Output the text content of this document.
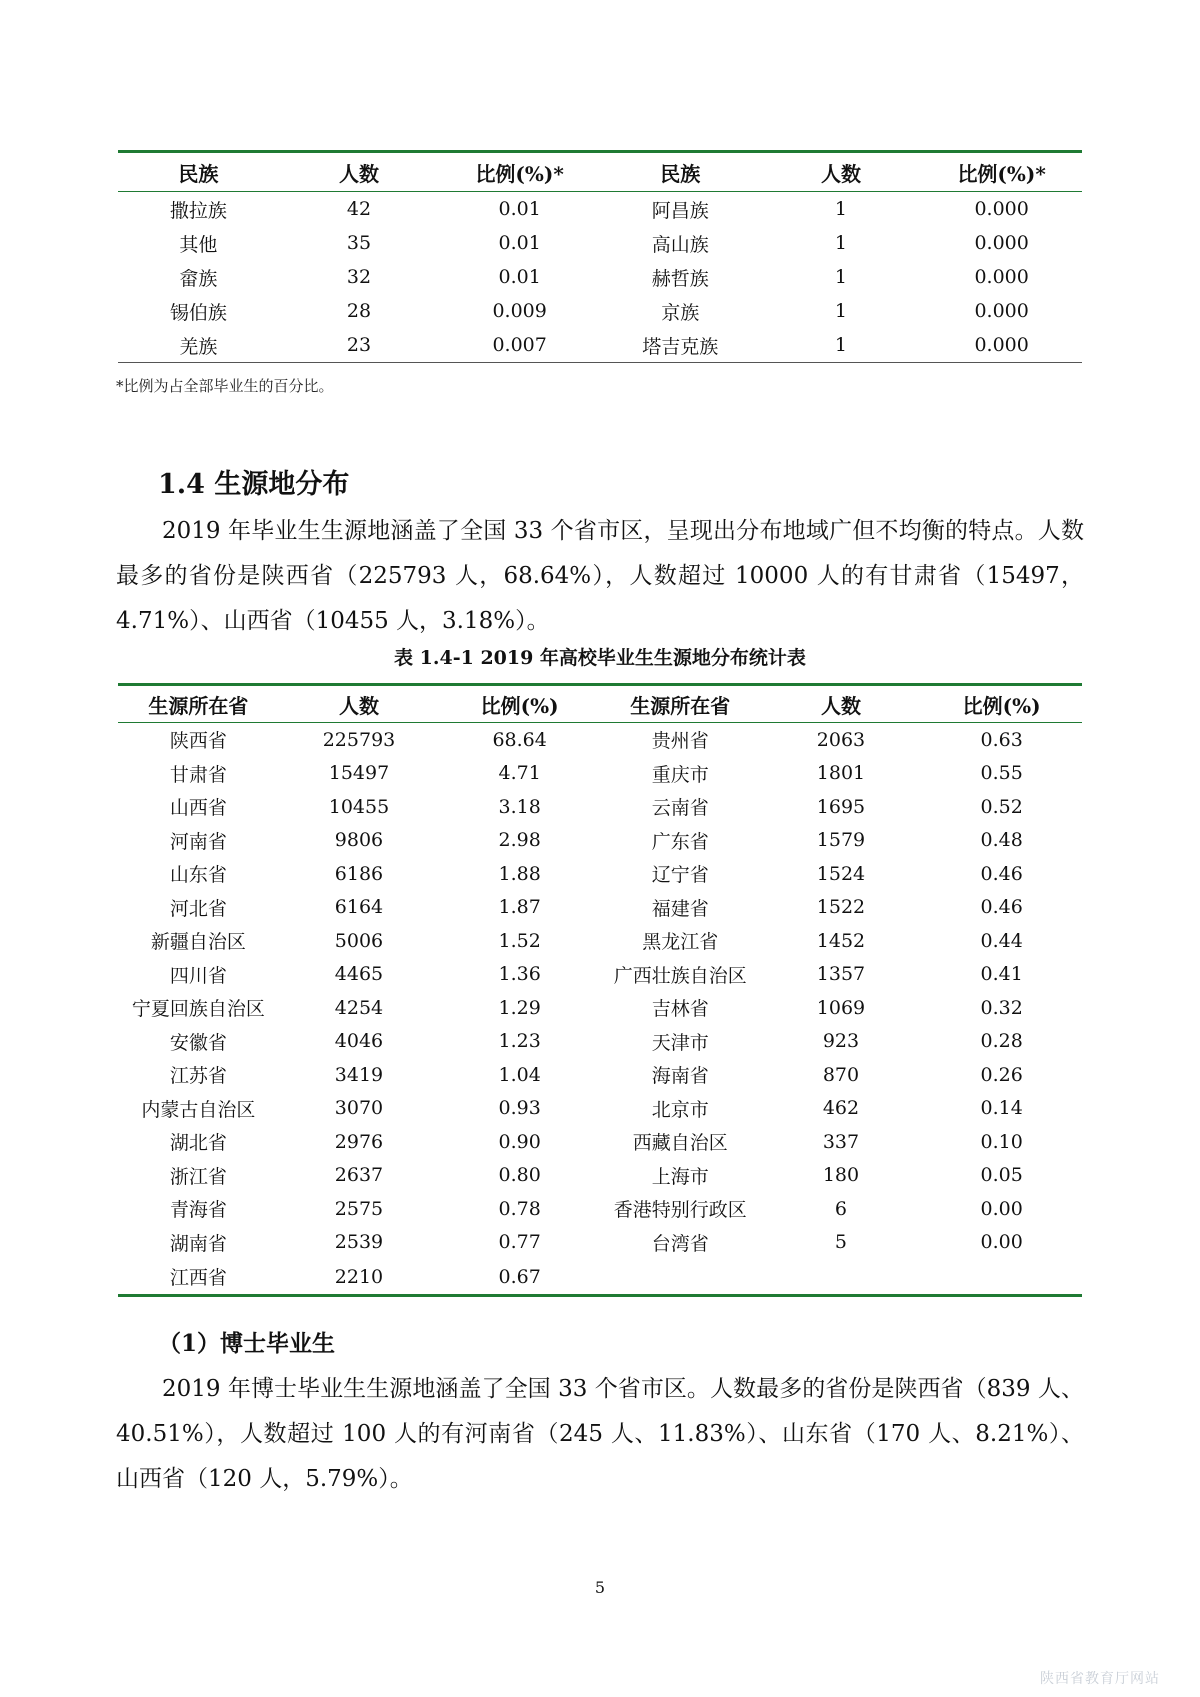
民族	人数	比例(%)*	民族	人数	比例(%)*
撒拉族	42	0.01	阿昌族	1	0.000
其他	35	0.01	高山族	1	0.000
畲族	32	0.01	赫哲族	1	0.000
锡伯族	28	0.009	京族	1	0.000
羌族	23	0.007	塔吉克族	1	0.000
*比例为占全部毕业生的百分比。
1.4 生源地分布
2019 年毕业生生源地涵盖了全国 33 个省市区，呈现出分布地域广但不均衡的特点。人数最多的省份是陕西省（225793 人，68.64%），人数超过 10000 人的有甘肃省（15497，4.71%）、山西省（10455 人，3.18%）。
表 1.4-1 2019 年高校毕业生生源地分布统计表
生源所在省	人数	比例(%)	生源所在省	人数	比例(%)
陕西省	225793	68.64	贵州省	2063	0.63
甘肃省	15497	4.71	重庆市	1801	0.55
山西省	10455	3.18	云南省	1695	0.52
河南省	9806	2.98	广东省	1579	0.48
山东省	6186	1.88	辽宁省	1524	0.46
河北省	6164	1.87	福建省	1522	0.46
新疆自治区	5006	1.52	黑龙江省	1452	0.44
四川省	4465	1.36	广西壮族自治区	1357	0.41
宁夏回族自治区	4254	1.29	吉林省	1069	0.32
安徽省	4046	1.23	天津市	923	0.28
江苏省	3419	1.04	海南省	870	0.26
内蒙古自治区	3070	0.93	北京市	462	0.14
湖北省	2976	0.90	西藏自治区	337	0.10
浙江省	2637	0.80	上海市	180	0.05
青海省	2575	0.78	香港特别行政区	6	0.00
湖南省	2539	0.77	台湾省	5	0.00
江西省	2210	0.67			
（1）博士毕业生
2019 年博士毕业生生源地涵盖了全国 33 个省市区。人数最多的省份是陕西省（839 人、40.51%），人数超过 100 人的有河南省（245 人、11.83%）、山东省（170 人、8.21%）、山西省（120 人，5.79%）。
5
陕西省教育厅网站
